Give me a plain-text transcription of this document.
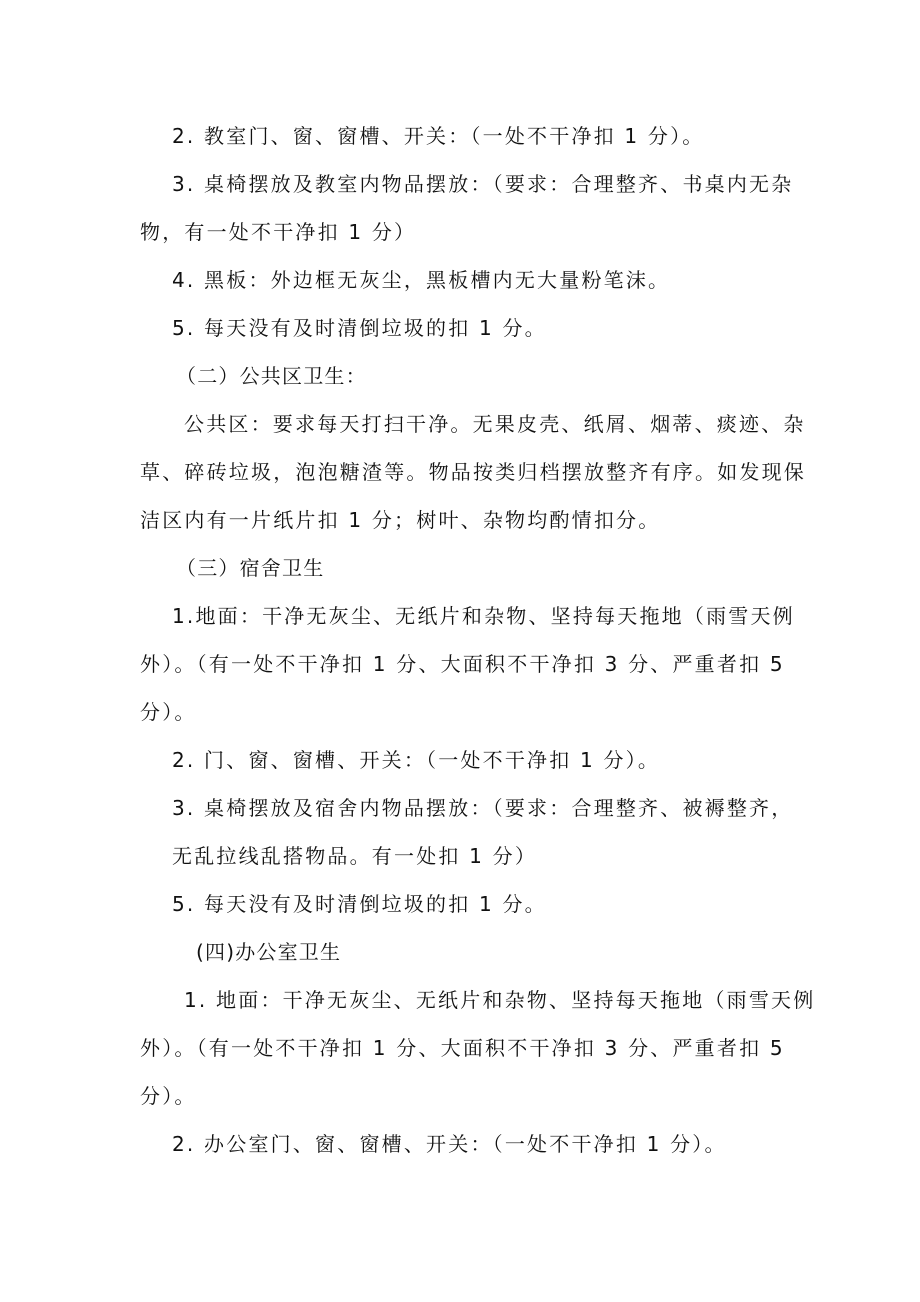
2. 教室门、窗、窗槽、开关：（一处不干净扣 1 分）。
3. 桌椅摆放及教室内物品摆放：（要求：合理整齐、书桌内无杂
物，有一处不干净扣 1 分）
4. 黑板：外边框无灰尘，黑板槽内无大量粉笔沫。
5. 每天没有及时清倒垃圾的扣 1 分。
（二）公共区卫生：
公共区：要求每天打扫干净。无果皮壳、纸屑、烟蒂、痰迹、杂
草、碎砖垃圾，泡泡糖渣等。物品按类归档摆放整齐有序。如发现保
洁区内有一片纸片扣 1 分；树叶、杂物均酌情扣分。
（三）宿舍卫生
1.地面：干净无灰尘、无纸片和杂物、坚持每天拖地（雨雪天例
外）。（有一处不干净扣 1 分、大面积不干净扣 3 分、严重者扣 5
分）。
2. 门、窗、窗槽、开关：（一处不干净扣 1 分）。
3. 桌椅摆放及宿舍内物品摆放：（要求：合理整齐、被褥整齐，
无乱拉线乱搭物品。有一处扣 1 分）
5. 每天没有及时清倒垃圾的扣 1 分。
(四)办公室卫生
1. 地面：干净无灰尘、无纸片和杂物、坚持每天拖地（雨雪天例
外）。（有一处不干净扣 1 分、大面积不干净扣 3 分、严重者扣 5
分）。
2. 办公室门、窗、窗槽、开关：（一处不干净扣 1 分）。
